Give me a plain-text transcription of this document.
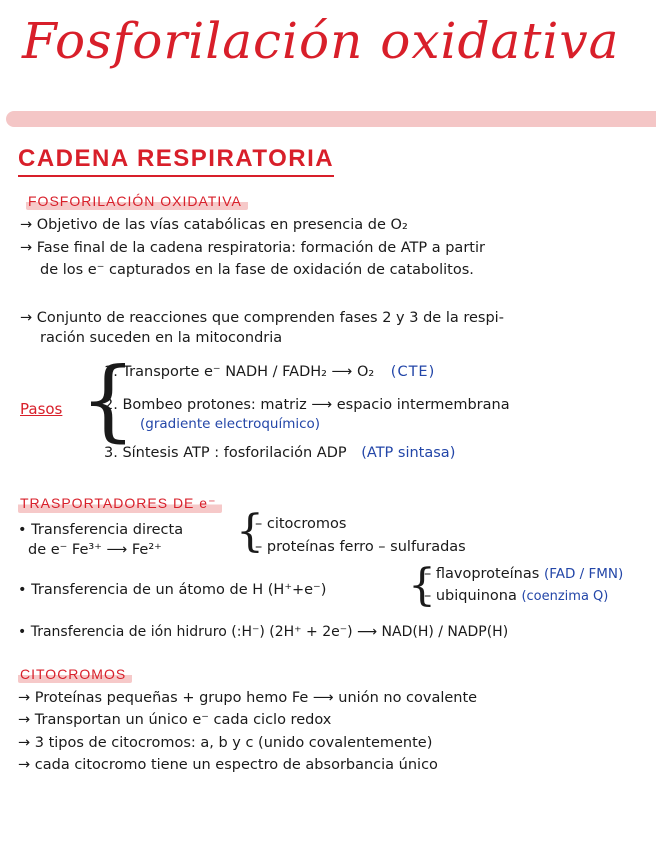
Fosforilación oxidativa
CADENA RESPIRATORIA
FOSFORILACIÓN OXIDATIVA
→ Objetivo de las vías catabólicas en presencia de O₂
→ Fase final de la cadena respiratoria: formación de ATP a partir
de los e⁻ capturados en la fase de oxidación de catabolitos.
→ Conjunto de reacciones que comprenden fases 2 y 3 de la respi-
ración suceden en la mitocondria
Pasos {
1. Transporte e⁻ NADH / FADH₂ ⟶ O₂ (CTE)
2. Bombeo protones: matriz ⟶ espacio intermembrana
(gradiente electroquímico)
3. Síntesis ATP : fosforilación ADP (ATP sintasa)
TRASPORTADORES DE e⁻
• Transferencia directa
de e⁻ Fe³⁺ ⟶ Fe²⁺ {
– citocromos
– proteínas ferro – sulfuradas
• Transferencia de un átomo de H (H⁺+e⁻) {
– flavoproteínas (FAD / FMN)
– ubiquinona (coenzima Q)
• Transferencia de ión hidruro (:H⁻) (2H⁺ + 2e⁻) ⟶ NAD(H) / NADP(H)
CITOCROMOS
→ Proteínas pequeñas + grupo hemo Fe ⟶ unión no covalente
→ Transportan un único e⁻ cada ciclo redox
→ 3 tipos de citocromos: a, b y c (unido covalentemente)
→ cada citocromo tiene un espectro de absorbancia único
